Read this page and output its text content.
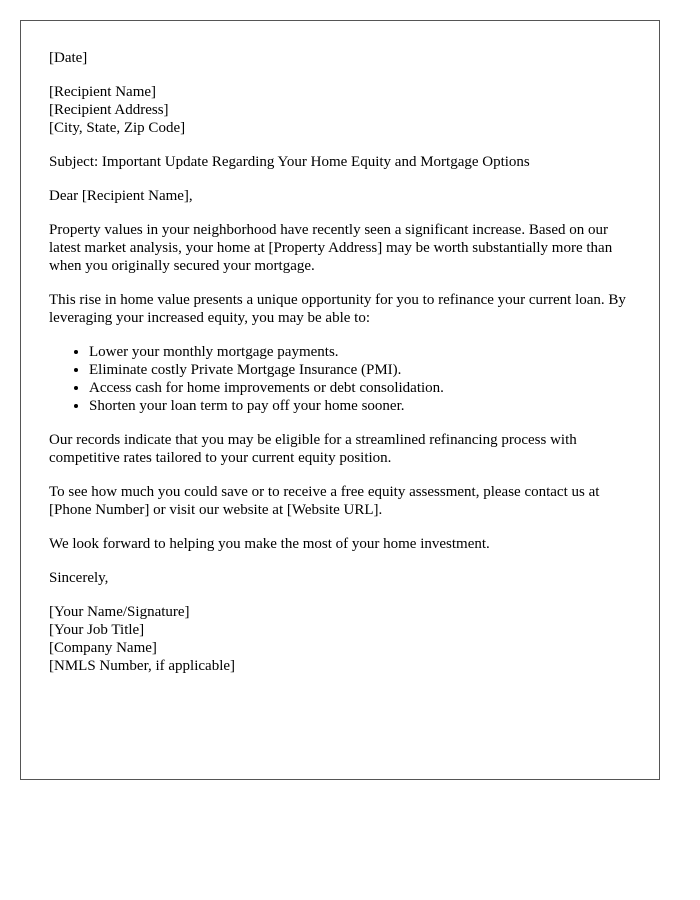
[Date]
[Recipient Name]
[Recipient Address]
[City, State, Zip Code]

Subject: Important Update Regarding Your Home Equity and Mortgage Options

Dear [Recipient Name],

Property values in your neighborhood have recently seen a significant increase. Based on our latest market analysis, your home at [Property Address] may be worth substantially more than when you originally secured your mortgage.

This rise in home value presents a unique opportunity for you to refinance your current loan. By leveraging your increased equity, you may be able to:

• Lower your monthly mortgage payments.
• Eliminate costly Private Mortgage Insurance (PMI).
• Access cash for home improvements or debt consolidation.
• Shorten your loan term to pay off your home sooner.

Our records indicate that you may be eligible for a streamlined refinancing process with competitive rates tailored to your current equity position.

To see how much you could save or to receive a free equity assessment, please contact us at [Phone Number] or visit our website at [Website URL].

We look forward to helping you make the most of your home investment.

Sincerely,

[Your Name/Signature]
[Your Job Title]
[Company Name]
[NMLS Number, if applicable]
